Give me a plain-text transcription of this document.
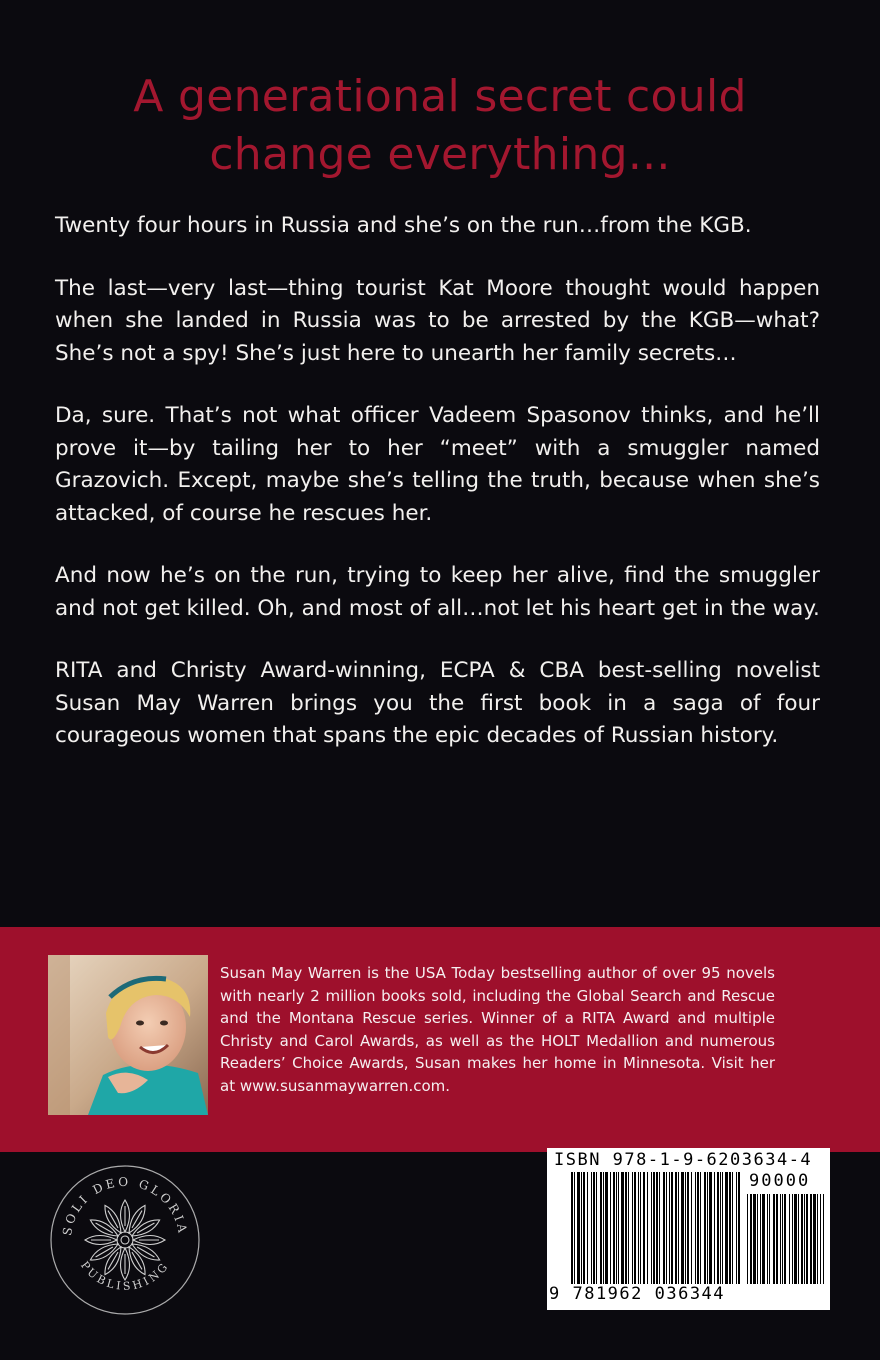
A generational secret could
change everything...

Twenty four hours in Russia and she’s on the run…from the KGB.

The last—very last—thing tourist Kat Moore thought would happen when she landed in Russia was to be arrested by the KGB—what? She’s not a spy! She’s just here to unearth her family secrets…

Da, sure. That’s not what officer Vadeem Spasonov thinks, and he’ll prove it—by tailing her to her “meet” with a smuggler named Grazovich. Except, maybe she’s telling the truth, because when she’s attacked, of course he rescues her.

And now he’s on the run, trying to keep her alive, find the smuggler and not get killed. Oh, and most of all…not let his heart get in the way.

RITA and Christy Award-winning, ECPA & CBA best-selling novelist Susan May Warren brings you the first book in a saga of four courageous women that spans the epic decades of Russian history.

Susan May Warren is the USA Today bestselling author of over 95 novels with nearly 2 million books sold, including the Global Search and Rescue and the Montana Rescue series. Winner of a RITA Award and multiple Christy and Carol Awards, as well as the HOLT Medallion and numerous Readers’ Choice Awards, Susan makes her home in Minnesota. Visit her at www.susanmaywarren.com.

SOLI DEO GLORIA
PUBLISHING
ISBN 978-1-9-6203634-4
90000
9 781962 036344
